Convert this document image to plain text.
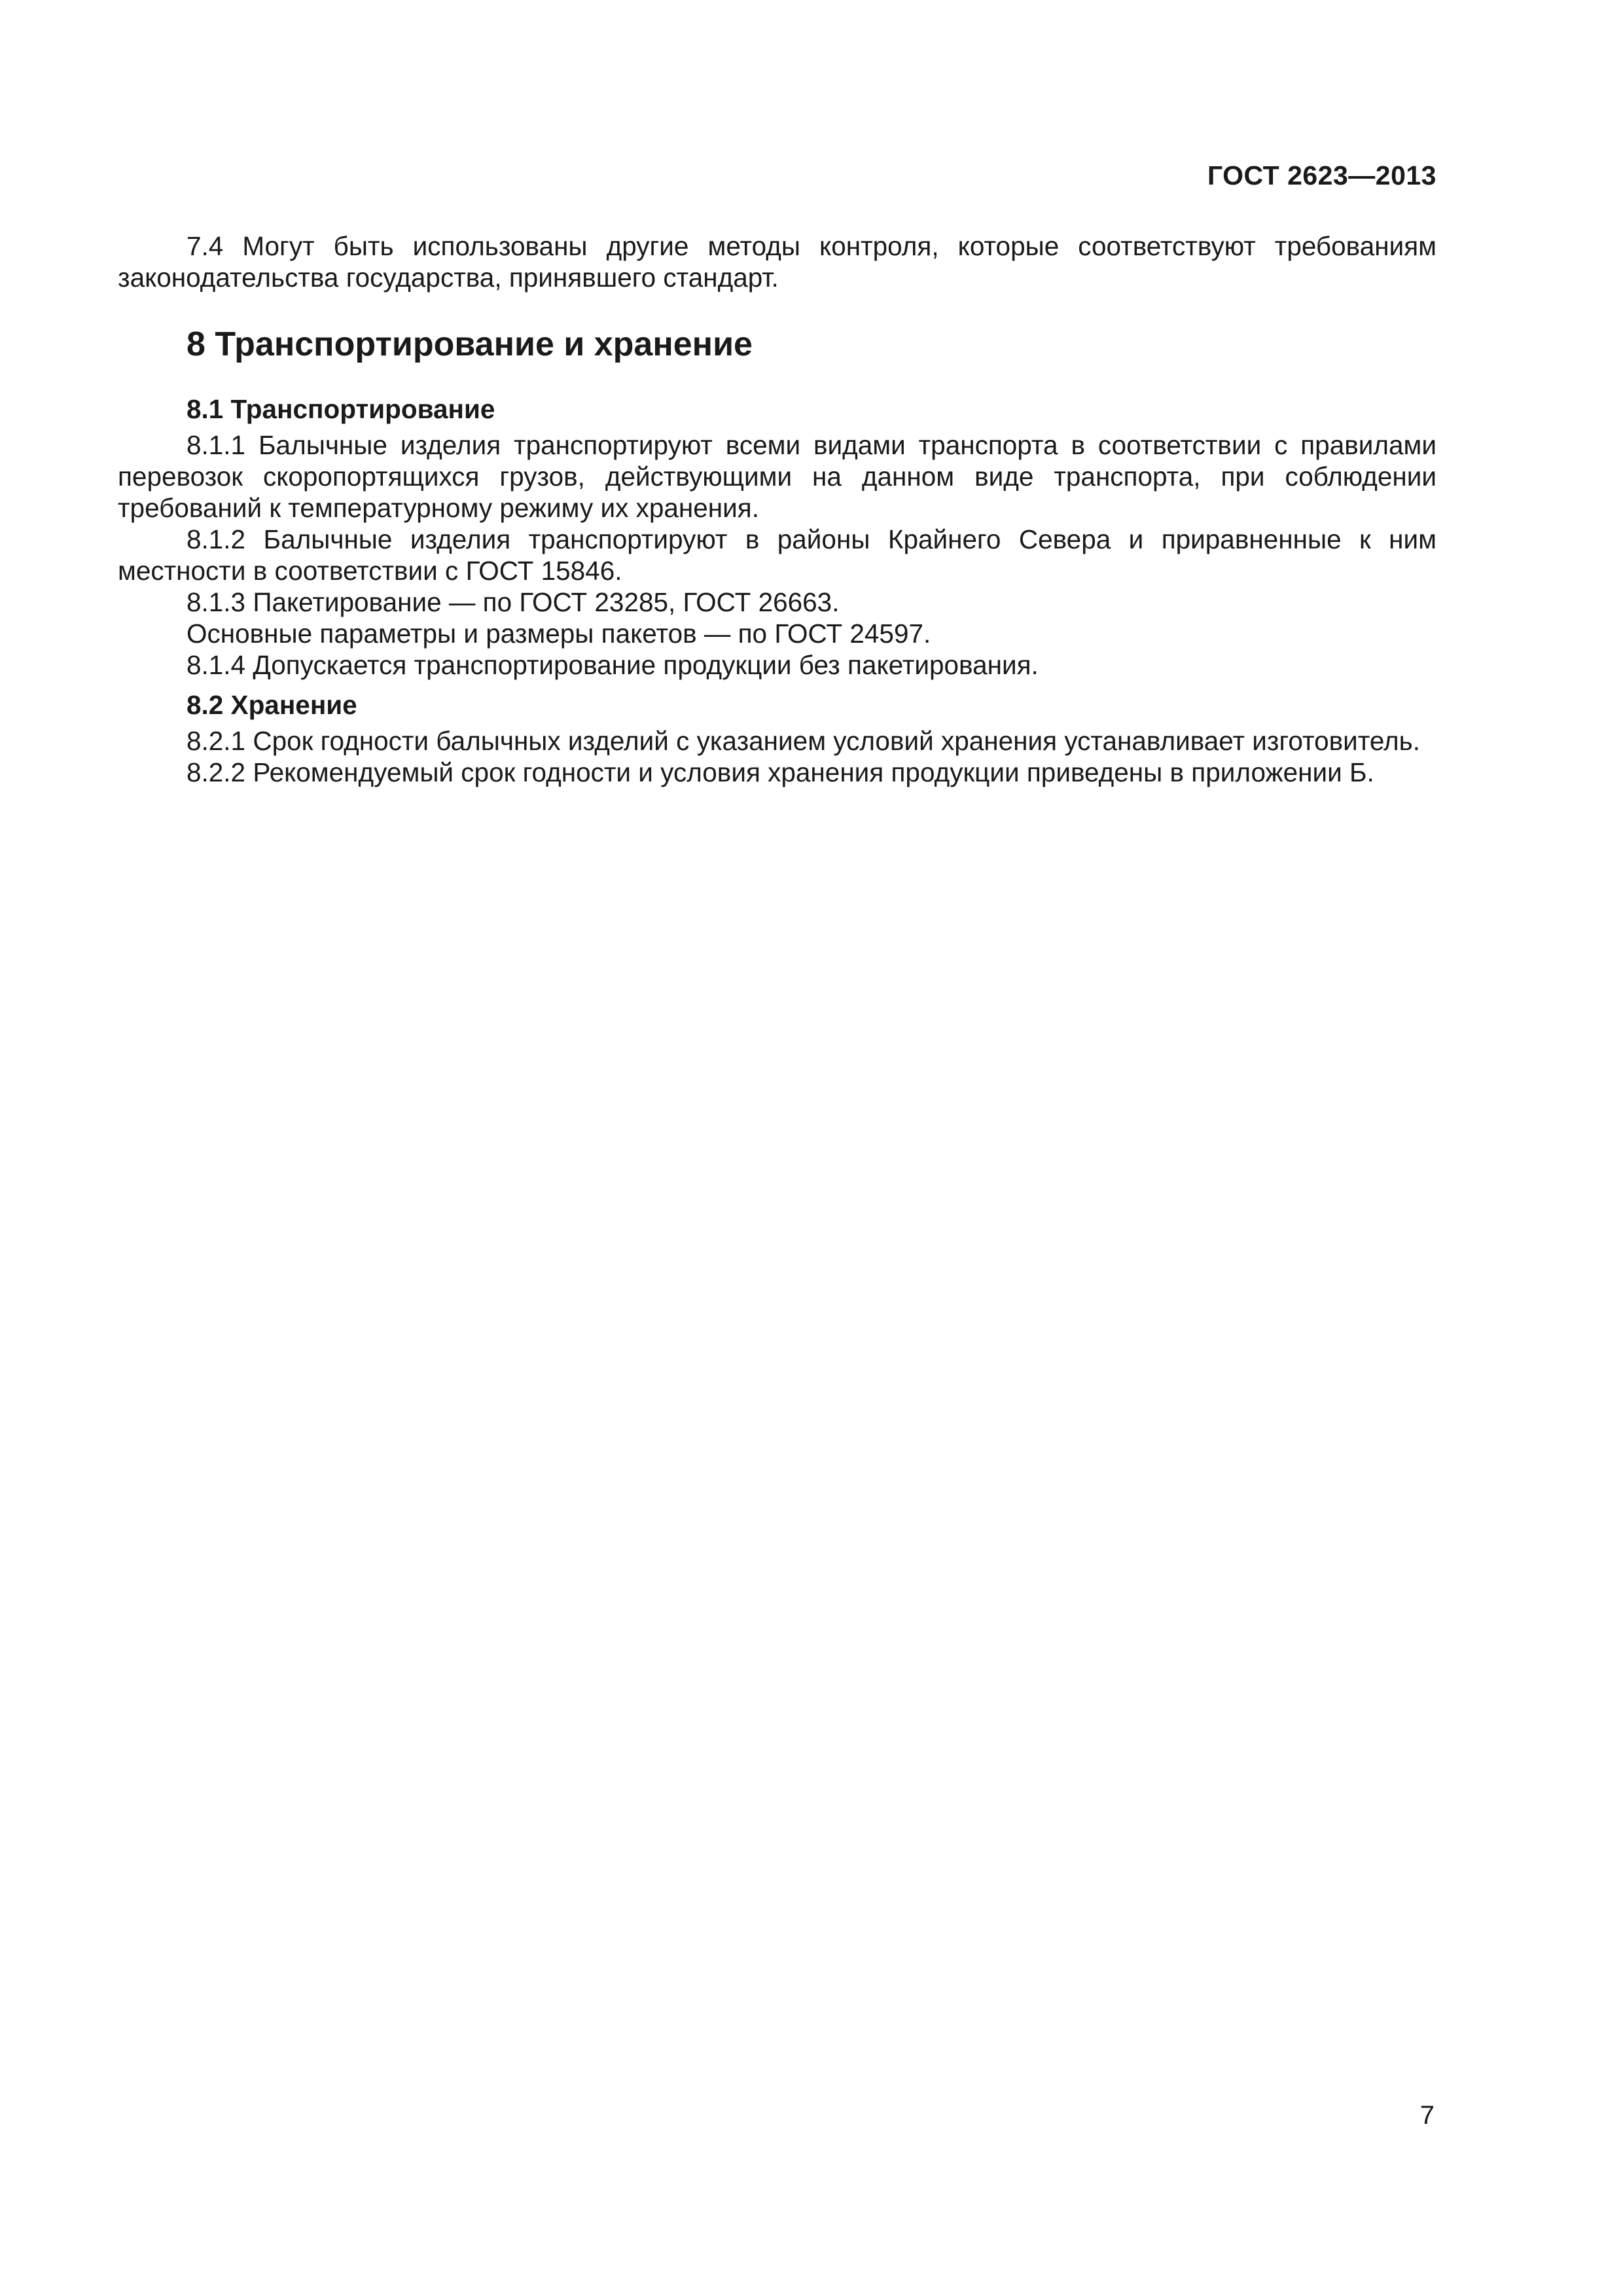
ГОСТ 2623—2013

7.4 Могут быть использованы другие методы контроля, которые соответствуют требованиям законодательства государства, принявшего стандарт.

8 Транспортирование и хранение
8.1 Транспортирование

8.1.1 Балычные изделия транспортируют всеми видами транспорта в соответствии с правилами перевозок скоропортящихся грузов, действующими на данном виде транспорта, при соблюдении требований к температурному режиму их хранения.

8.1.2 Балычные изделия транспортируют в районы Крайнего Севера и приравненные к ним местности в соответствии с ГОСТ 15846.

8.1.3 Пакетирование — по ГОСТ 23285, ГОСТ 26663.

Основные параметры и размеры пакетов — по ГОСТ 24597.

8.1.4 Допускается транспортирование продукции без пакетирования.

8.2 Хранение

8.2.1 Срок годности балычных изделий с указанием условий хранения устанавливает изготовитель.

8.2.2 Рекомендуемый срок годности и условия хранения продукции приведены в приложении Б.

7
